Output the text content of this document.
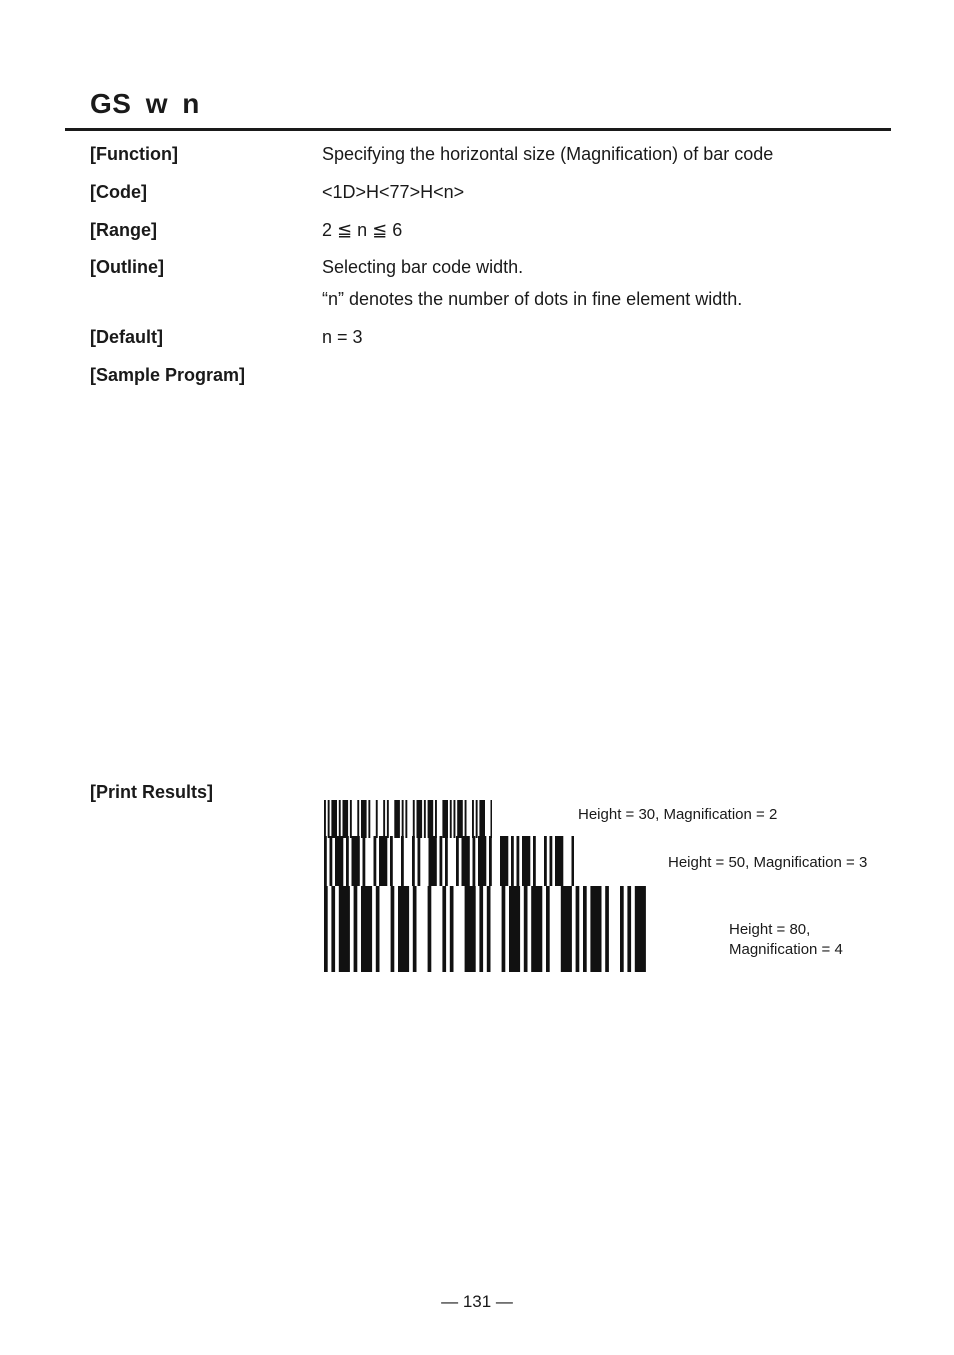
GS w n
[Function]	Specifying the horizontal size (Magnification) of bar code
[Code]	<1D>H<77>H<n>
[Range]	2 ≦ n ≦ 6
[Outline]	Selecting bar code width.
“n” denotes the number of dots in fine element width.
[Default]	n = 3
[Sample Program]
[Print Results]
Height = 30, Magnification = 2
Height = 50, Magnification = 3
Height = 80,
Magnification = 4
— 131 —
